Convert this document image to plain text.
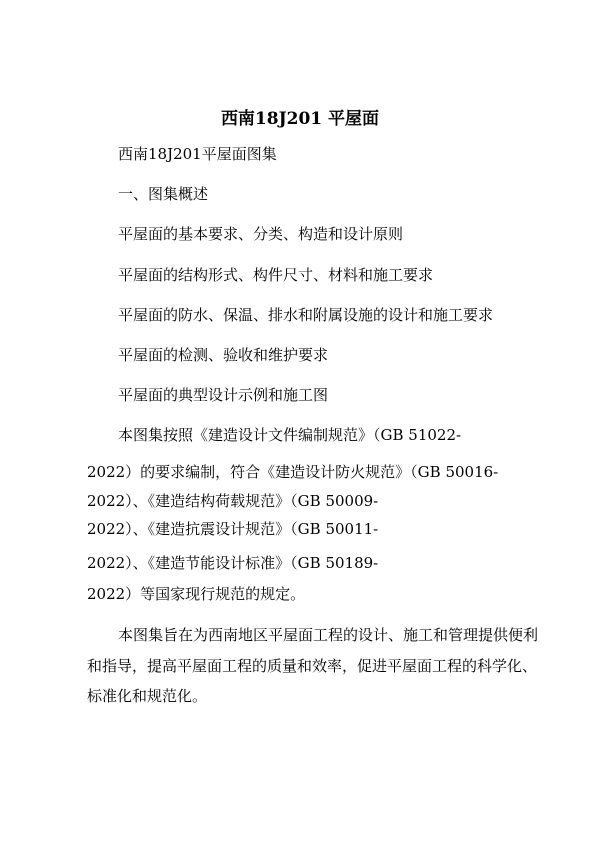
西南18J201 平屋面
西南18J201平屋面图集
一、图集概述
平屋面的基本要求、分类、构造和设计原则
平屋面的结构形式、构件尺寸、材料和施工要求
平屋面的防水、保温、排水和附属设施的设计和施工要求
平屋面的检测、验收和维护要求
平屋面的典型设计示例和施工图
本图集按照《建造设计文件编制规范》（GB 51022-
2022）的要求编制，符合《建造设计防火规范》（GB 50016-
2022）、《建造结构荷载规范》（GB 50009-
2022）、《建造抗震设计规范》（GB 50011-
2022）、《建造节能设计标准》（GB 50189-
2022）等国家现行规范的规定。
本图集旨在为西南地区平屋面工程的设计、施工和管理提供便利
和指导，提高平屋面工程的质量和效率，促进平屋面工程的科学化、
标准化和规范化。
